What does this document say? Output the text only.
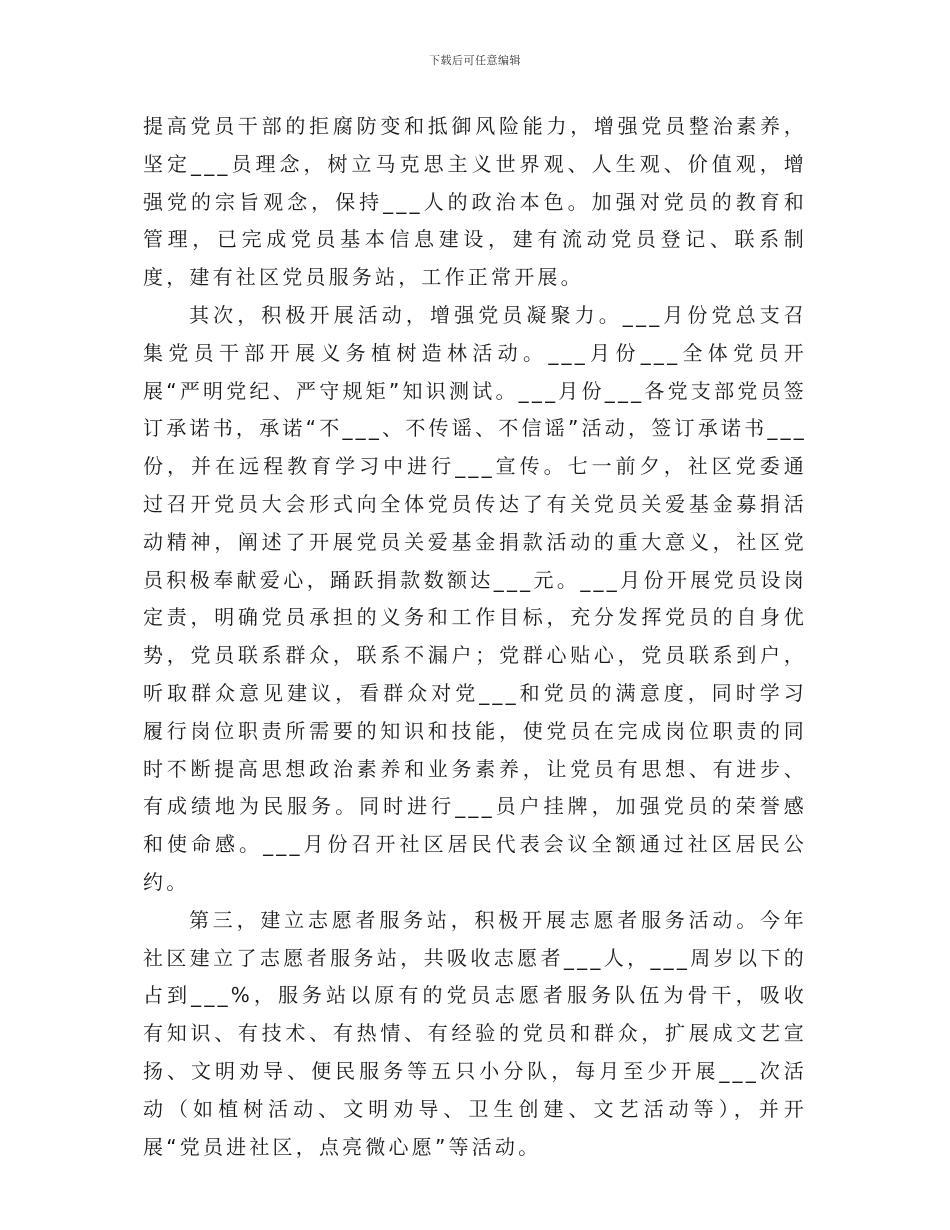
下载后可任意编辑

提高党员干部的拒腐防变和抵御风险能力，增强党员整治素养，坚定___员理念，树立马克思主义世界观、人生观、价值观，增强党的宗旨观念，保持___人的政治本色。加强对党员的教育和管理，已完成党员基本信息建设，建有流动党员登记、联系制度，建有社区党员服务站，工作正常开展。

其次，积极开展活动，增强党员凝聚力。___月份党总支召集党员干部开展义务植树造林活动。___月份___全体党员开展“严明党纪、严守规矩”知识测试。___月份___各党支部党员签订承诺书，承诺“不___、不传谣、不信谣”活动，签订承诺书___份，并在远程教育学习中进行___宣传。七一前夕，社区党委通过召开党员大会形式向全体党员传达了有关党员关爱基金募捐活动精神，阐述了开展党员关爱基金捐款活动的重大意义，社区党员积极奉献爱心，踊跃捐款数额达___元。___月份开展党员设岗定责，明确党员承担的义务和工作目标，充分发挥党员的自身优势，党员联系群众，联系不漏户；党群心贴心，党员联系到户，听取群众意见建议，看群众对党___和党员的满意度，同时学习履行岗位职责所需要的知识和技能，使党员在完成岗位职责的同时不断提高思想政治素养和业务素养，让党员有思想、有进步、有成绩地为民服务。同时进行___员户挂牌，加强党员的荣誉感和使命感。___月份召开社区居民代表会议全额通过社区居民公约。

第三，建立志愿者服务站，积极开展志愿者服务活动。今年社区建立了志愿者服务站，共吸收志愿者___人，___周岁以下的占到___%，服务站以原有的党员志愿者服务队伍为骨干，吸收有知识、有技术、有热情、有经验的党员和群众，扩展成文艺宣扬、文明劝导、便民服务等五只小分队，每月至少开展___次活动（如植树活动、文明劝导、卫生创建、文艺活动等），并开展“党员进社区，点亮微心愿”等活动。
